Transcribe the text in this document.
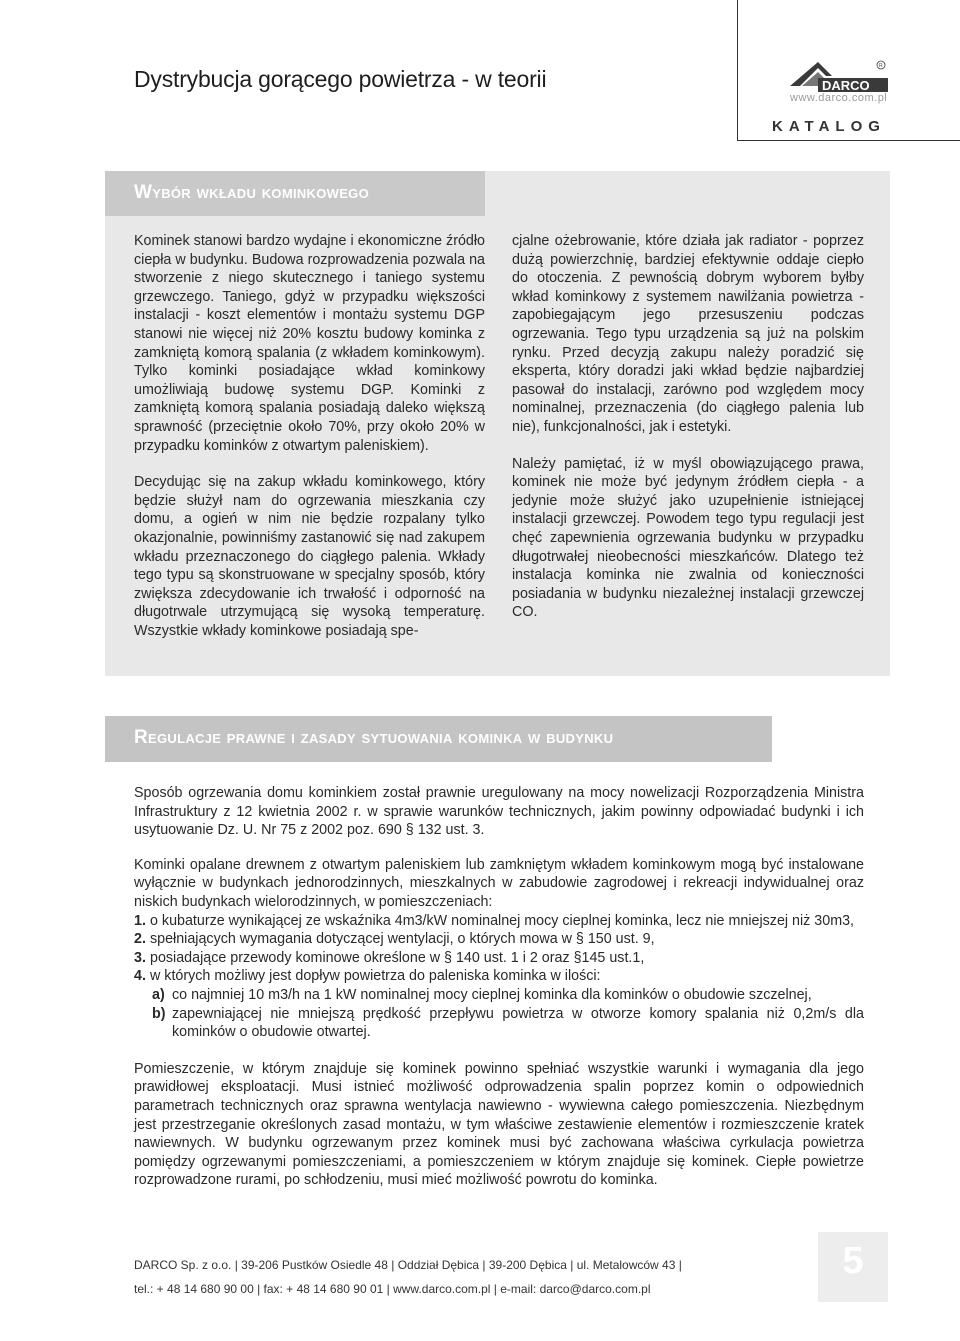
Dystrybucja gorącego powietrza - w teorii
KATALOG
DARCO
R
www.darco.com.pl
Wybór wkładu kominkowego

Kominek stanowi bardzo wydajne i ekonomiczne źródło ciepła w budynku. Budowa rozprowadzenia pozwala na stworzenie z niego skutecznego i taniego systemu grzewczego. Taniego, gdyż w przypadku większości instalacji - koszt elementów i montażu systemu DGP stanowi nie więcej niż 20% kosztu budowy kominka z zamkniętą komorą spalania (z wkładem kominkowym). Tylko kominki posiadające wkład kominkowy umożliwiają budowę systemu DGP. Kominki z zamkniętą komorą spalania posiadają daleko większą sprawność (przeciętnie około 70%, przy około 20% w przypadku kominków z otwartym paleniskiem).

Decydując się na zakup wkładu kominkowego, który będzie służył nam do ogrzewania mieszkania czy domu, a ogień w nim nie będzie rozpalany tylko okazjonalnie, powinniśmy zastanowić się nad zakupem wkładu przeznaczonego do ciągłego palenia. Wkłady tego typu są skonstruowane w specjalny sposób, który zwiększa zdecydowanie ich trwałość i odporność na długotrwale utrzymującą się wysoką temperaturę. Wszystkie wkłady kominkowe posiadają spe-

cjalne ożebrowanie, które działa jak radiator - poprzez dużą powierzchnię, bardziej efektywnie oddaje ciepło do otoczenia. Z pewnością dobrym wyborem byłby wkład kominkowy z systemem nawilżania powietrza - zapobiegającym jego przesuszeniu podczas ogrzewania. Tego typu urządzenia są już na polskim rynku. Przed decyzją zakupu należy poradzić się eksperta, który doradzi jaki wkład będzie najbardziej pasował do instalacji, zarówno pod względem mocy nominalnej, przeznaczenia (do ciągłego palenia lub nie), funkcjonalności, jak i estetyki.

Należy pamiętać, iż w myśl obowiązującego prawa, kominek nie może być jedynym źródłem ciepła - a jedynie może służyć jako uzupełnienie istniejącej instalacji grzewczej. Powodem tego typu regulacji jest chęć zapewnienia ogrzewania budynku w przypadku długotrwałej nieobecności mieszkańców. Dlatego też instalacja kominka nie zwalnia od konieczności posiadania w budynku niezależnej instalacji grzewczej CO.

Regulacje prawne i zasady sytuowania kominka w budynku

Sposób ogrzewania domu kominkiem został prawnie uregulowany na mocy nowelizacji Rozporządzenia Ministra Infrastruktury z 12 kwietnia 2002 r. w sprawie warunków technicznych, jakim powinny odpowiadać budynki i ich usytuowanie Dz. U. Nr 75 z 2002 poz. 690 § 132 ust. 3.

Kominki opalane drewnem z otwartym paleniskiem lub zamkniętym wkładem kominkowym mogą być instalowane wyłącznie w budynkach jednorodzinnych, mieszkalnych w zabudowie zagrodowej i rekreacji indywidualnej oraz niskich budynkach wielorodzinnych, w pomieszczeniach:
1. o kubaturze wynikającej ze wskaźnika 4m3/kW nominalnej mocy cieplnej kominka, lecz nie mniejszej niż 30m3,
2. spełniających wymagania dotyczącej wentylacji, o których mowa w § 150 ust. 9,
3. posiadające przewody kominowe określone w § 140 ust. 1 i 2 oraz §145 ust.1,
4. w których możliwy jest dopływ powietrza do paleniska kominka w ilości:
a) co najmniej 10 m3/h na 1 kW nominalnej mocy cieplnej kominka dla kominków o obudowie szczelnej,
b) zapewniającej nie mniejszą prędkość przepływu powietrza w otworze komory spalania niż 0,2m/s dla kominków o obudowie otwartej.

Pomieszczenie, w którym znajduje się kominek powinno spełniać wszystkie warunki i wymagania dla jego prawidłowej eksploatacji. Musi istnieć możliwość odprowadzenia spalin poprzez komin o odpowiednich parametrach technicznych oraz sprawna wentylacja nawiewno - wywiewna całego pomieszczenia. Niezbędnym jest przestrzeganie określonych zasad montażu, w tym właściwe zestawienie elementów i rozmieszczenie kratek nawiewnych. W budynku ogrzewanym przez kominek musi być zachowana właściwa cyrkulacja powietrza pomiędzy ogrzewanymi pomieszczeniami, a pomieszczeniem w którym znajduje się kominek. Ciepłe powietrze rozprowadzone rurami, po schłodzeniu, musi mieć możliwość powrotu do kominka.

DARCO Sp. z o.o. | 39-206 Pustków Osiedle 48 | Oddział Dębica | 39-200 Dębica | ul. Metalowców 43 |
tel.: + 48 14 680 90 00 | fax: + 48 14 680 90 01 | www.darco.com.pl | e-mail: darco@darco.com.pl
5
